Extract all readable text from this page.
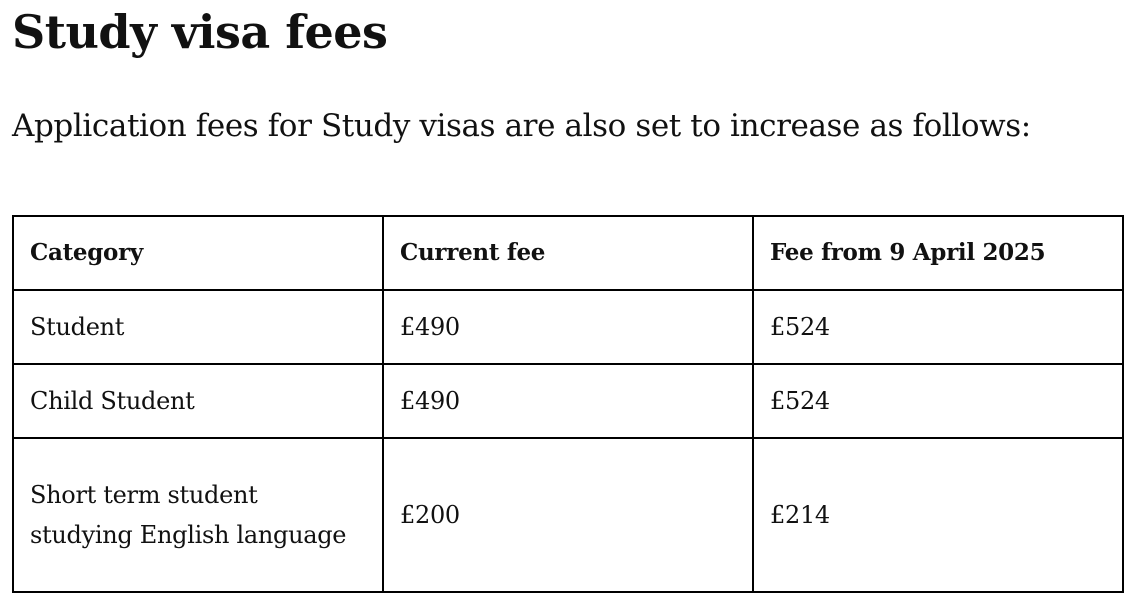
Study visa fees

Application fees for Study visas are also set to increase as follows:

Category	Current fee	Fee from 9 April 2025
Student	£490	£524
Child Student	£490	£524
Short term student studying English language	£200	£214
